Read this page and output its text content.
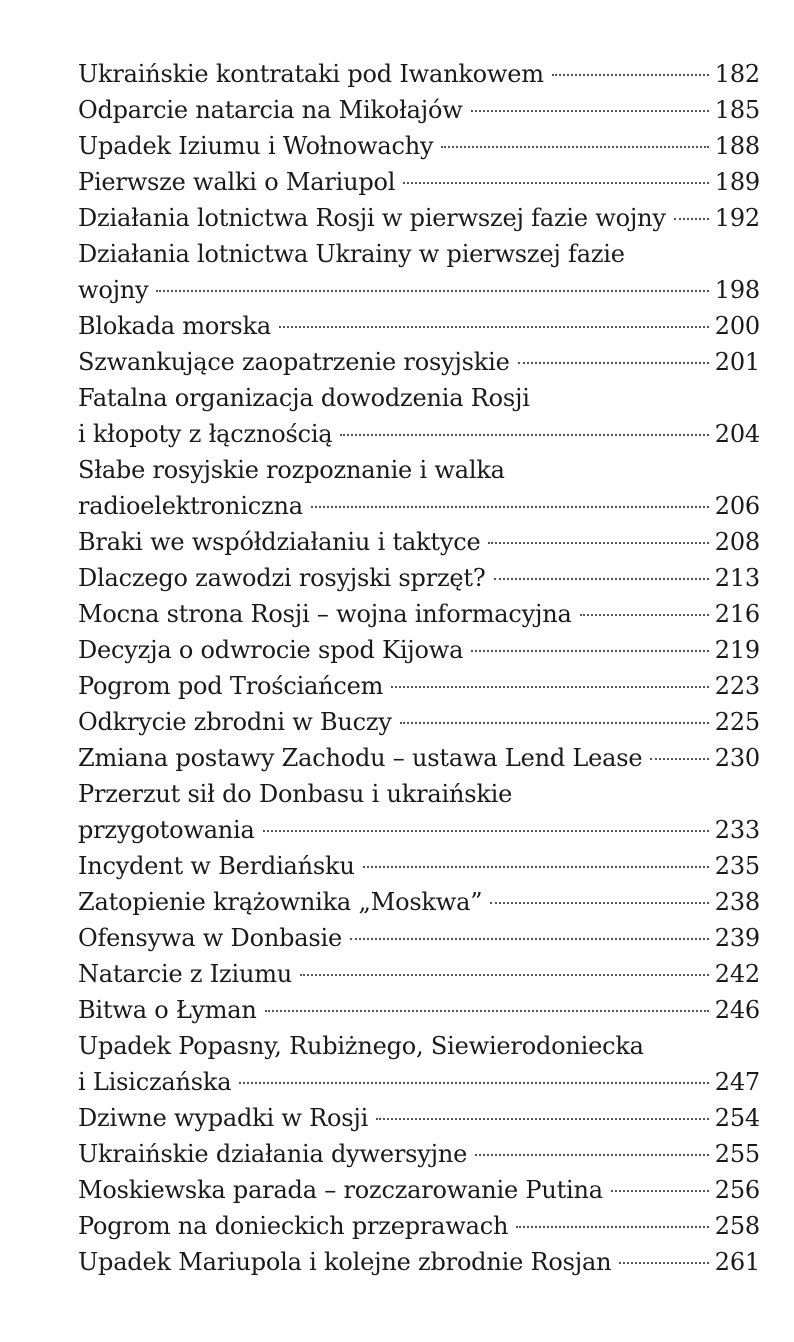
Ukraińskie kontrataki pod Iwankowem	182
Odparcie natarcia na Mikołajów	185
Upadek Iziumu i Wołnowachy	188
Pierwsze walki o Mariupol	189
Działania lotnictwa Rosji w pierwszej fazie wojny 192
Działania lotnictwa Ukrainy w pierwszej fazie
wojny	198
Blokada morska	200
Szwankujące zaopatrzenie rosyjskie	201
Fatalna organizacja dowodzenia Rosji
i kłopoty z łącznością	204
Słabe rosyjskie rozpoznanie i walka
radioelektroniczna	206
Braki we współdziałaniu i taktyce	208
Dlaczego zawodzi rosyjski sprzęt?	213
Mocna strona Rosji – wojna informacyjna	216
Decyzja o odwrocie spod Kijowa	219
Pogrom pod Trościańcem	223
Odkrycie zbrodni w Buczy	225
Zmiana postawy Zachodu – ustawa Lend Lease	230
Przerzut sił do Donbasu i ukraińskie
przygotowania	233
Incydent w Berdiańsku	235
Zatopienie krążownika „Moskwa”	238
Ofensywa w Donbasie	239
Natarcie z Iziumu	242
Bitwa o Łyman	246
Upadek Popasny, Rubiżnego, Siewierodoniecka
i Lisiczańska	247
Dziwne wypadki w Rosji	254
Ukraińskie działania dywersyjne	255
Moskiewska parada – rozczarowanie Putina	256
Pogrom na donieckich przeprawach	258
Upadek Mariupola i kolejne zbrodnie Rosjan	261
